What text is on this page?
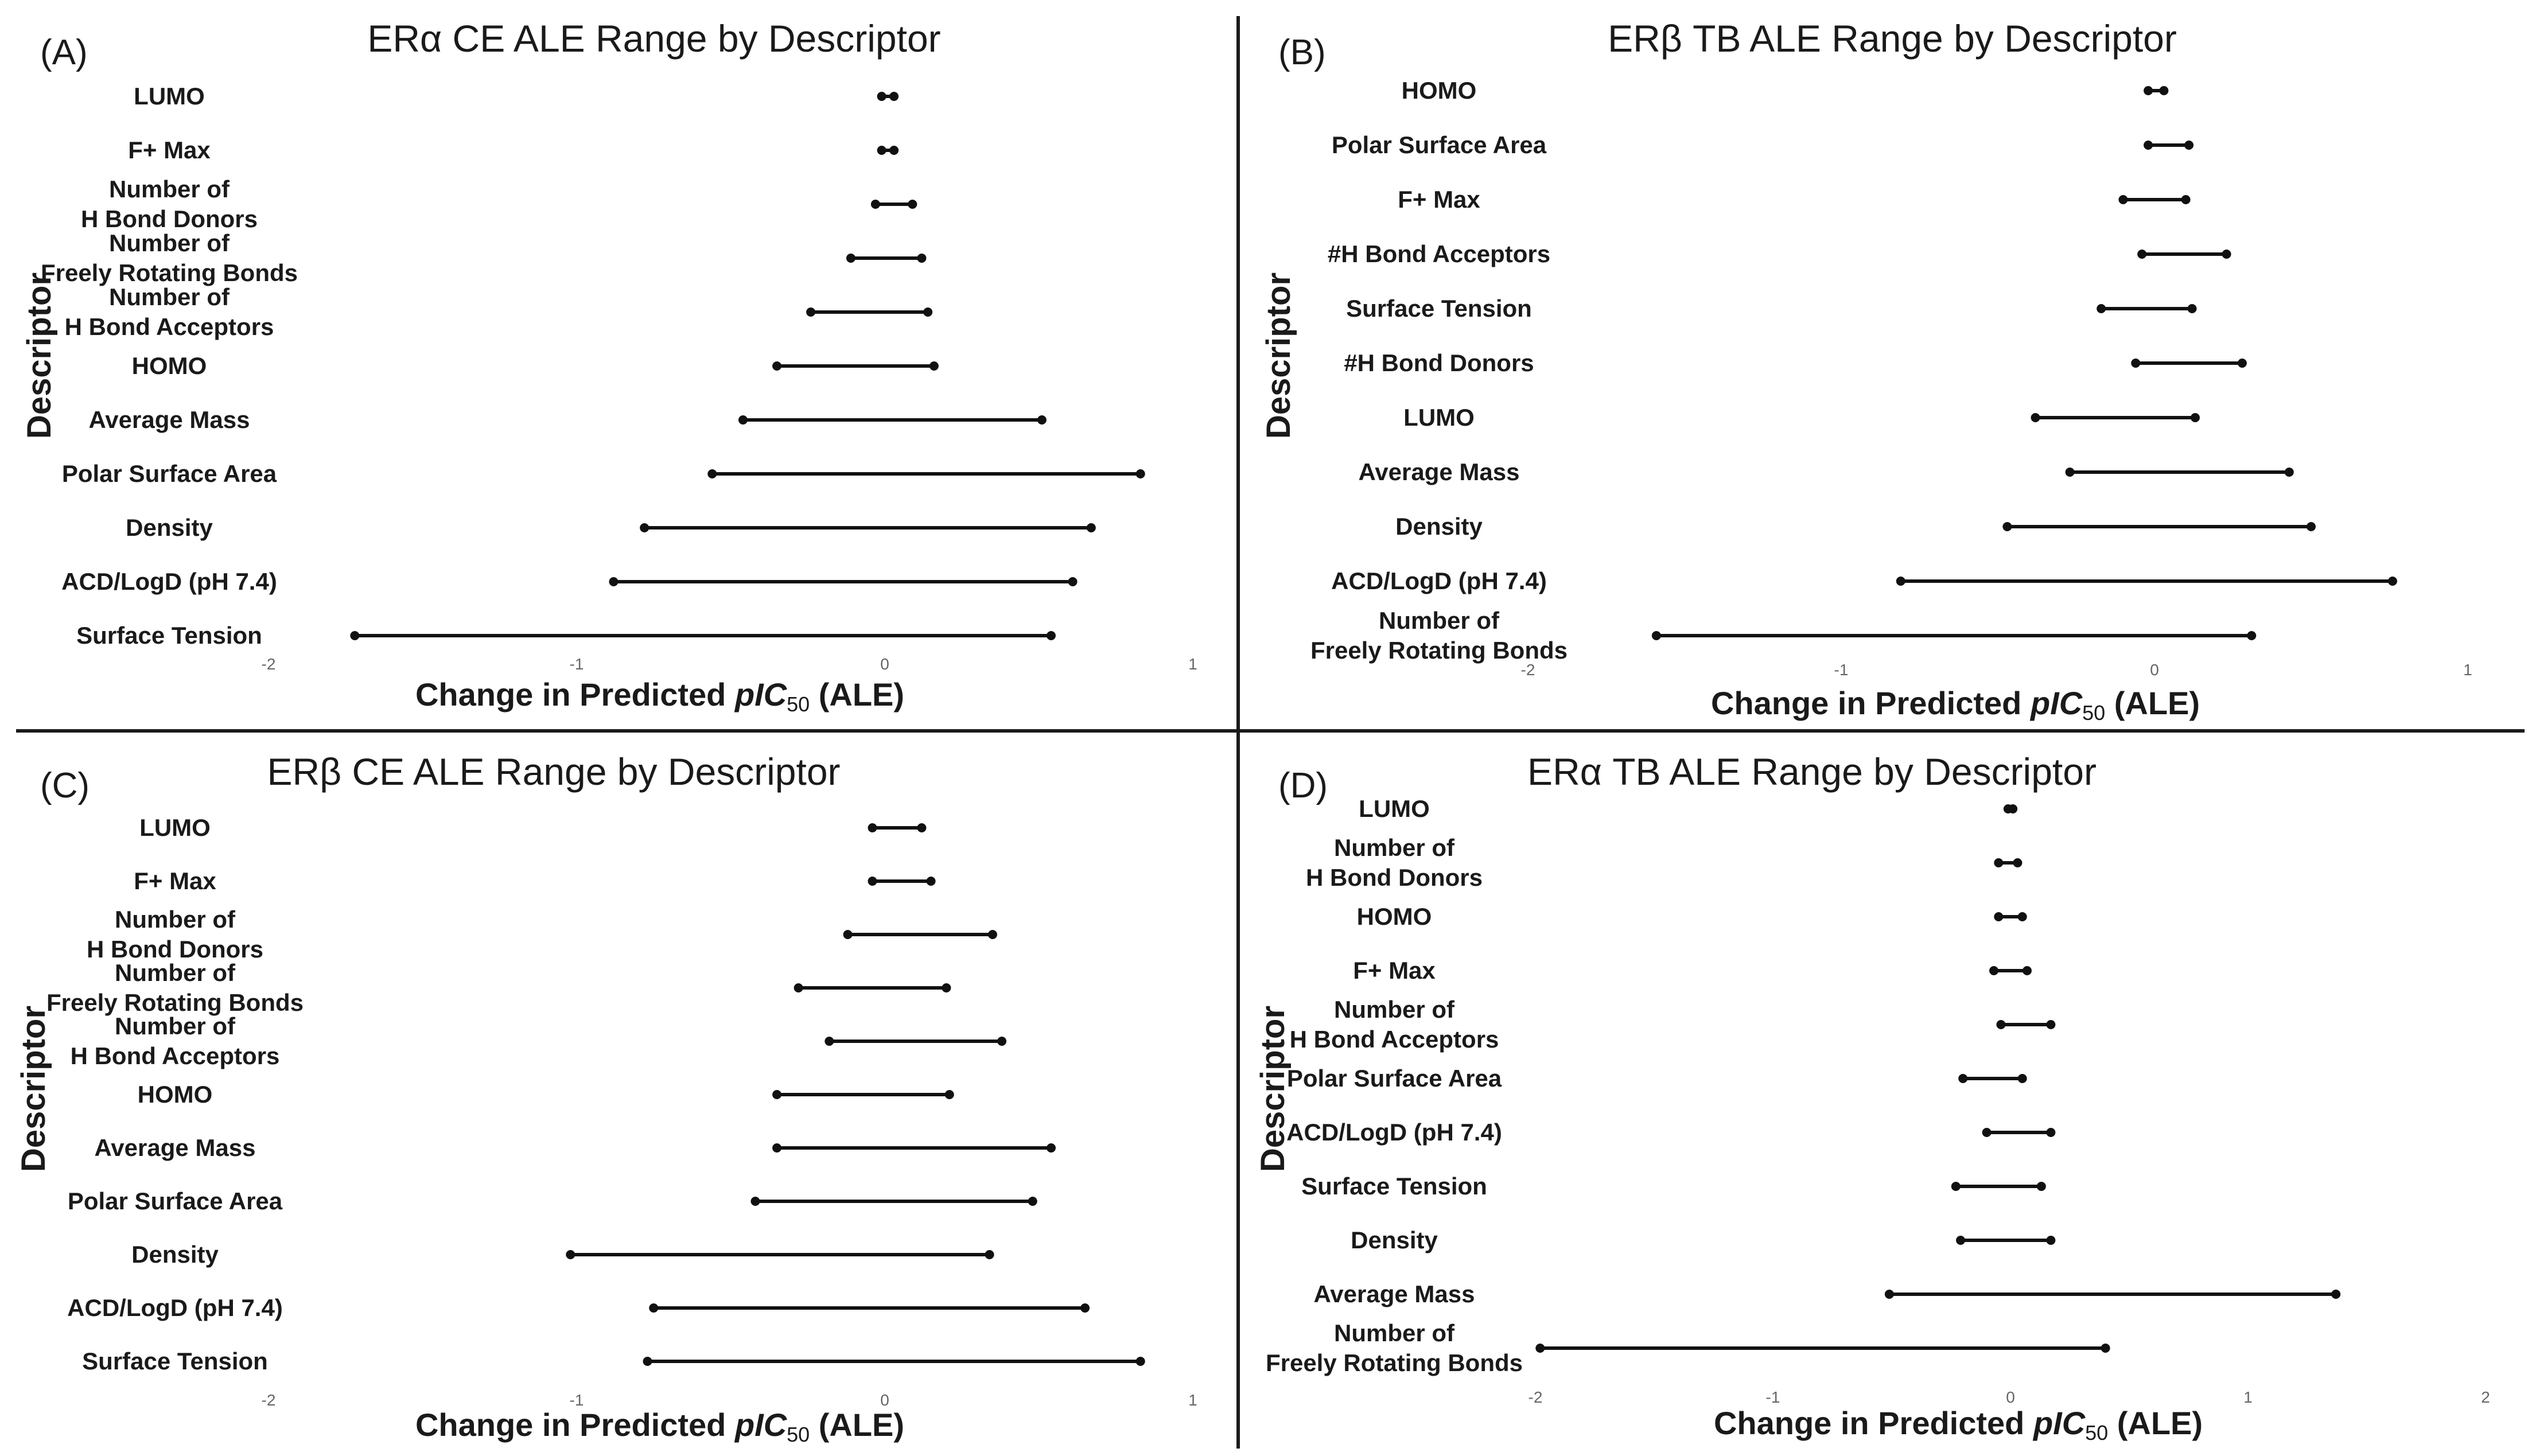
(A)	ERα CE ALE Range by Descriptor
Descriptor
LUMO
F+ Max
Number of H Bond Donors
Number of Freely Rotating Bonds
Number of H Bond Acceptors
HOMO
Average Mass
Polar Surface Area
Density
ACD/LogD (pH 7.4)
Surface Tension
-2	-1	0	1
Change in Predicted pIC50 (ALE)
(B)	ERβ TB ALE Range by Descriptor
Descriptor
HOMO
Polar Surface Area
F+ Max
#H Bond Acceptors
Surface Tension
#H Bond Donors
LUMO
Average Mass
Density
ACD/LogD (pH 7.4)
Number of Freely Rotating Bonds
-2	-1	0	1
Change in Predicted pIC50 (ALE)
(C)	ERβ CE ALE Range by Descriptor
Descriptor
LUMO
F+ Max
Number of H Bond Donors
Number of Freely Rotating Bonds
Number of H Bond Acceptors
HOMO
Average Mass
Polar Surface Area
Density
ACD/LogD (pH 7.4)
Surface Tension
-2	-1	0	1
Change in Predicted pIC50 (ALE)
(D)	ERα TB ALE Range by Descriptor
Descriptor
LUMO
Number of H Bond Donors
HOMO
F+ Max
Number of H Bond Acceptors
Polar Surface Area
ACD/LogD (pH 7.4)
Surface Tension
Density
Average Mass
Number of Freely Rotating Bonds
-2	-1	0	1	2
Change in Predicted pIC50 (ALE)
